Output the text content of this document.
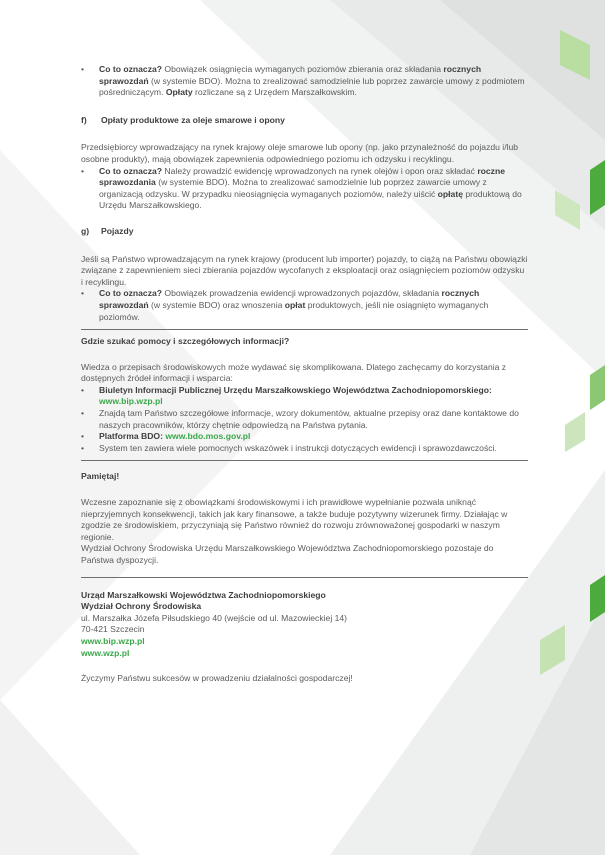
• Co to oznacza? Obowiązek osiągnięcia wymaganych poziomów zbierania oraz składania rocznych sprawozdań (w systemie BDO). Można to zrealizować samodzielnie lub poprzez zawarcie umowy z podmiotem pośredniczącym. Opłaty rozliczane są z Urzędem Marszałkowskim.
f) Opłaty produktowe za oleje smarowe i opony

Przedsiębiorcy wprowadzający na rynek krajowy oleje smarowe lub opony (np. jako przynależność do pojazdu i/lub osobne produkty), mają obowiązek zapewnienia odpowiedniego poziomu ich odzysku i recyklingu.

• Co to oznacza? Należy prowadzić ewidencję wprowadzonych na rynek olejów i opon oraz składać roczne sprawozdania (w systemie BDO). Można to zrealizować samodzielnie lub poprzez zawarcie umowy z organizacją odzysku. W przypadku nieosiągnięcia wymaganych poziomów, należy uiścić opłatę produktową do Urzędu Marszałkowskiego.
g) Pojazdy

Jeśli są Państwo wprowadzającym na rynek krajowy (producent lub importer) pojazdy, to ciążą na Państwu obowiązki związane z zapewnieniem sieci zbierania pojazdów wycofanych z eksploatacji oraz osiągnięciem poziomów odzysku i recyklingu.

• Co to oznacza? Obowiązek prowadzenia ewidencji wprowadzonych pojazdów, składania rocznych sprawozdań (w systemie BDO) oraz wnoszenia opłat produktowych, jeśli nie osiągnięto wymaganych poziomów.
Gdzie szukać pomocy i szczegółowych informacji?

Wiedza o przepisach środowiskowych może wydawać się skomplikowana. Dlatego zachęcamy do korzystania z dostępnych źródeł informacji i wsparcia:

• Biuletyn Informacji Publicznej Urzędu Marszałkowskiego Województwa Zachodniopomorskiego: www.bip.wzp.pl
• Znajdą tam Państwo szczegółowe informacje, wzory dokumentów, aktualne przepisy oraz dane kontaktowe do naszych pracowników, którzy chętnie odpowiedzą na Państwa pytania.
• Platforma BDO: www.bdo.mos.gov.pl
• System ten zawiera wiele pomocnych wskazówek i instrukcji dotyczących ewidencji i sprawozdawczości.
Pamiętaj!

Wczesne zapoznanie się z obowiązkami środowiskowymi i ich prawidłowe wypełnianie pozwala uniknąć nieprzyjemnych konsekwencji, takich jak kary finansowe, a także buduje pozytywny wizerunek firmy. Działając w zgodzie ze środowiskiem, przyczyniają się Państwo również do rozwoju zrównoważonej gospodarki w naszym regionie.

Wydział Ochrony Środowiska Urzędu Marszałkowskiego Województwa Zachodniopomorskiego pozostaje do Państwa dyspozycji.

Urząd Marszałkowski Województwa Zachodniopomorskiego
Wydział Ochrony Środowiska
ul. Marszałka Józefa Piłsudskiego 40 (wejście od ul. Mazowieckiej 14)
70-421 Szczecin
www.bip.wzp.pl
www.wzp.pl
Życzymy Państwu sukcesów w prowadzeniu działalności gospodarczej!
